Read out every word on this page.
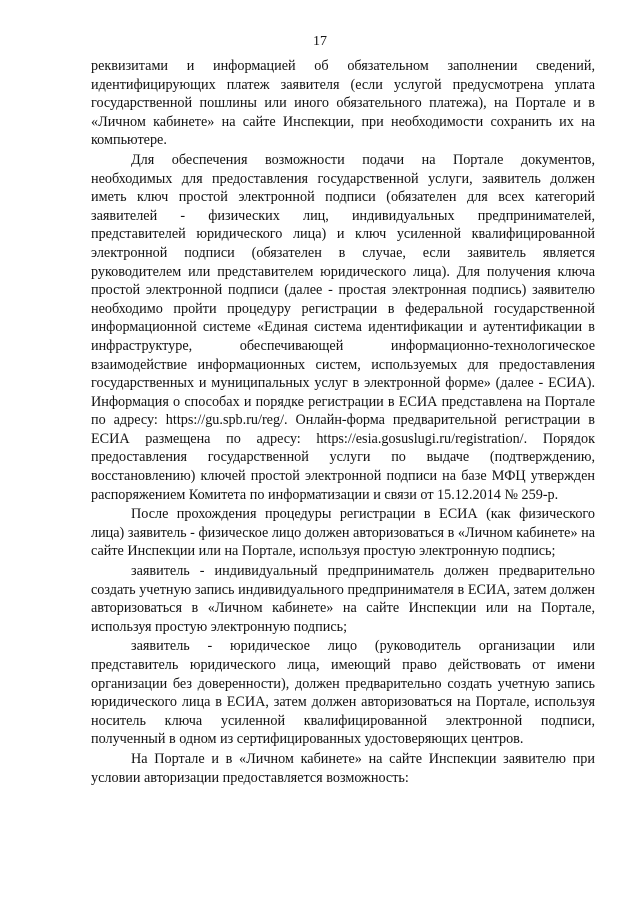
17

реквизитами и информацией об обязательном заполнении сведений, идентифицирующих платеж заявителя (если услугой предусмотрена уплата государственной пошлины или иного обязательного платежа), на Портале и в «Личном кабинете» на сайте Инспекции, при необходимости сохранить их на компьютере.

Для обеспечения возможности подачи на Портале документов, необходимых для предоставления государственной услуги, заявитель должен иметь ключ простой электронной подписи (обязателен для всех категорий заявителей - физических лиц, индивидуальных предпринимателей, представителей юридического лица) и ключ усиленной квалифицированной электронной подписи (обязателен в случае, если заявитель является руководителем или представителем юридического лица). Для получения ключа простой электронной подписи (далее - простая электронная подпись) заявителю необходимо пройти процедуру регистрации в федеральной государственной информационной системе «Единая система идентификации и аутентификации в инфраструктуре, обеспечивающей информационно-технологическое взаимодействие информационных систем, используемых для предоставления государственных и муниципальных услуг в электронной форме» (далее - ЕСИА). Информация о способах и порядке регистрации в ЕСИА представлена на Портале по адресу: https://gu.spb.ru/reg/. Онлайн-форма предварительной регистрации в ЕСИА размещена по адресу: https://esia.gosuslugi.ru/registration/. Порядок предоставления государственной услуги по выдаче (подтверждению, восстановлению) ключей простой электронной подписи на базе МФЦ утвержден распоряжением Комитета по информатизации и связи от 15.12.2014 № 259-р.

После прохождения процедуры регистрации в ЕСИА (как физического лица) заявитель - физическое лицо должен авторизоваться в «Личном кабинете» на сайте Инспекции или на Портале, используя простую электронную подпись;

заявитель - индивидуальный предприниматель должен предварительно создать учетную запись индивидуального предпринимателя в ЕСИА, затем должен авторизоваться в «Личном кабинете» на сайте Инспекции или на Портале, используя простую электронную подпись;

заявитель - юридическое лицо (руководитель организации или представитель юридического лица, имеющий право действовать от имени организации без доверенности), должен предварительно создать учетную запись юридического лица в ЕСИА, затем должен авторизоваться на Портале, используя носитель ключа усиленной квалифицированной электронной подписи, полученный в одном из сертифицированных удостоверяющих центров.

На Портале и в «Личном кабинете» на сайте Инспекции заявителю при условии авторизации предоставляется возможность:
